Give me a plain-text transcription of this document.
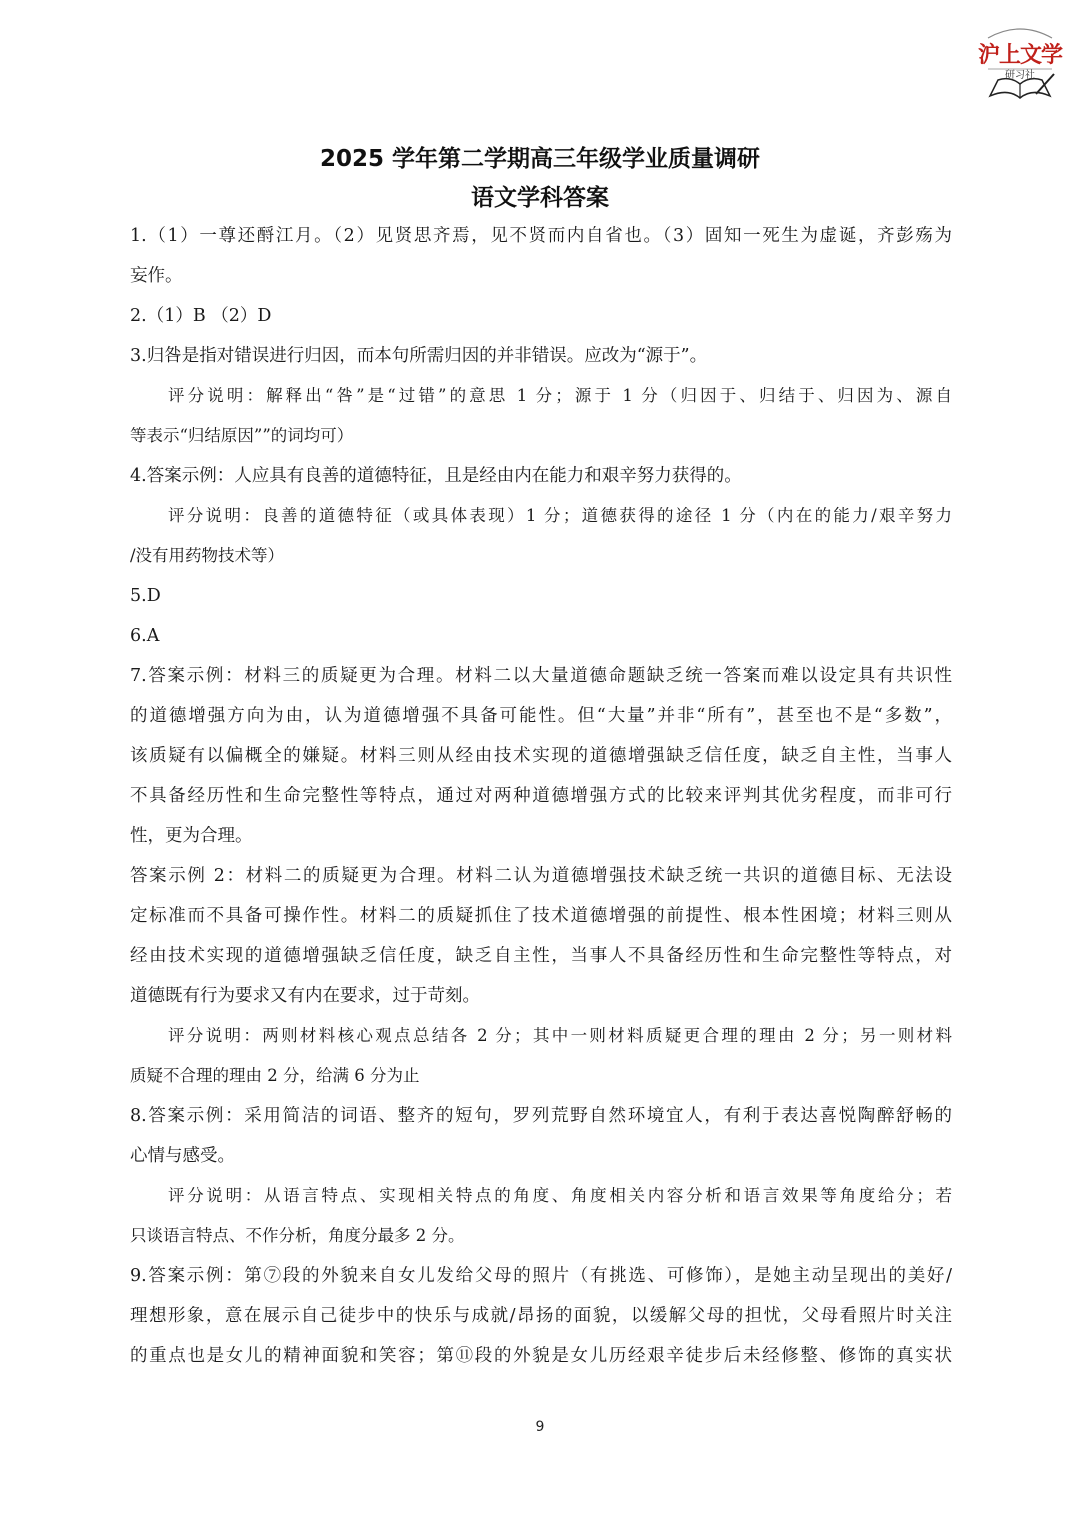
沪上文学
研习社
2025 学年第二学期高三年级学业质量调研
语文学科答案
1.（1）一尊还酹江月。（2）见贤思齐焉，见不贤而内自省也。（3）固知一死生为虚诞，齐彭殇为
妄作。
2.（1）B （2）D
3.归咎是指对错误进行归因，而本句所需归因的并非错误。应改为“源于”。
评分说明：解释出“咎”是“过错”的意思 1 分；源于 1 分（归因于、归结于、归因为、源自
等表示“归结原因””的词均可）
4.答案示例：人应具有良善的道德特征，且是经由内在能力和艰辛努力获得的。
评分说明：良善的道德特征（或具体表现）1 分；道德获得的途径 1 分（内在的能力/艰辛努力
/没有用药物技术等）
5.D
6.A
7.答案示例：材料三的质疑更为合理。材料二以大量道德命题缺乏统一答案而难以设定具有共识性
的道德增强方向为由，认为道德增强不具备可能性。但“大量”并非“所有”，甚至也不是“多数”，
该质疑有以偏概全的嫌疑。材料三则从经由技术实现的道德增强缺乏信任度，缺乏自主性，当事人
不具备经历性和生命完整性等特点，通过对两种道德增强方式的比较来评判其优劣程度，而非可行
性，更为合理。
答案示例 2：材料二的质疑更为合理。材料二认为道德增强技术缺乏统一共识的道德目标、无法设
定标准而不具备可操作性。材料二的质疑抓住了技术道德增强的前提性、根本性困境；材料三则从
经由技术实现的道德增强缺乏信任度，缺乏自主性，当事人不具备经历性和生命完整性等特点，对
道德既有行为要求又有内在要求，过于苛刻。
评分说明：两则材料核心观点总结各 2 分；其中一则材料质疑更合理的理由 2 分；另一则材料
质疑不合理的理由 2 分，给满 6 分为止
8.答案示例：采用简洁的词语、整齐的短句，罗列荒野自然环境宜人，有利于表达喜悦陶醉舒畅的
心情与感受。
评分说明：从语言特点、实现相关特点的角度、角度相关内容分析和语言效果等角度给分；若
只谈语言特点、不作分析，角度分最多 2 分。
9.答案示例：第⑦段的外貌来自女儿发给父母的照片（有挑选、可修饰），是她主动呈现出的美好/
理想形象，意在展示自己徒步中的快乐与成就/昂扬的面貌，以缓解父母的担忧，父母看照片时关注
的重点也是女儿的精神面貌和笑容；第⑪段的外貌是女儿历经艰辛徒步后未经修整、修饰的真实状
9
